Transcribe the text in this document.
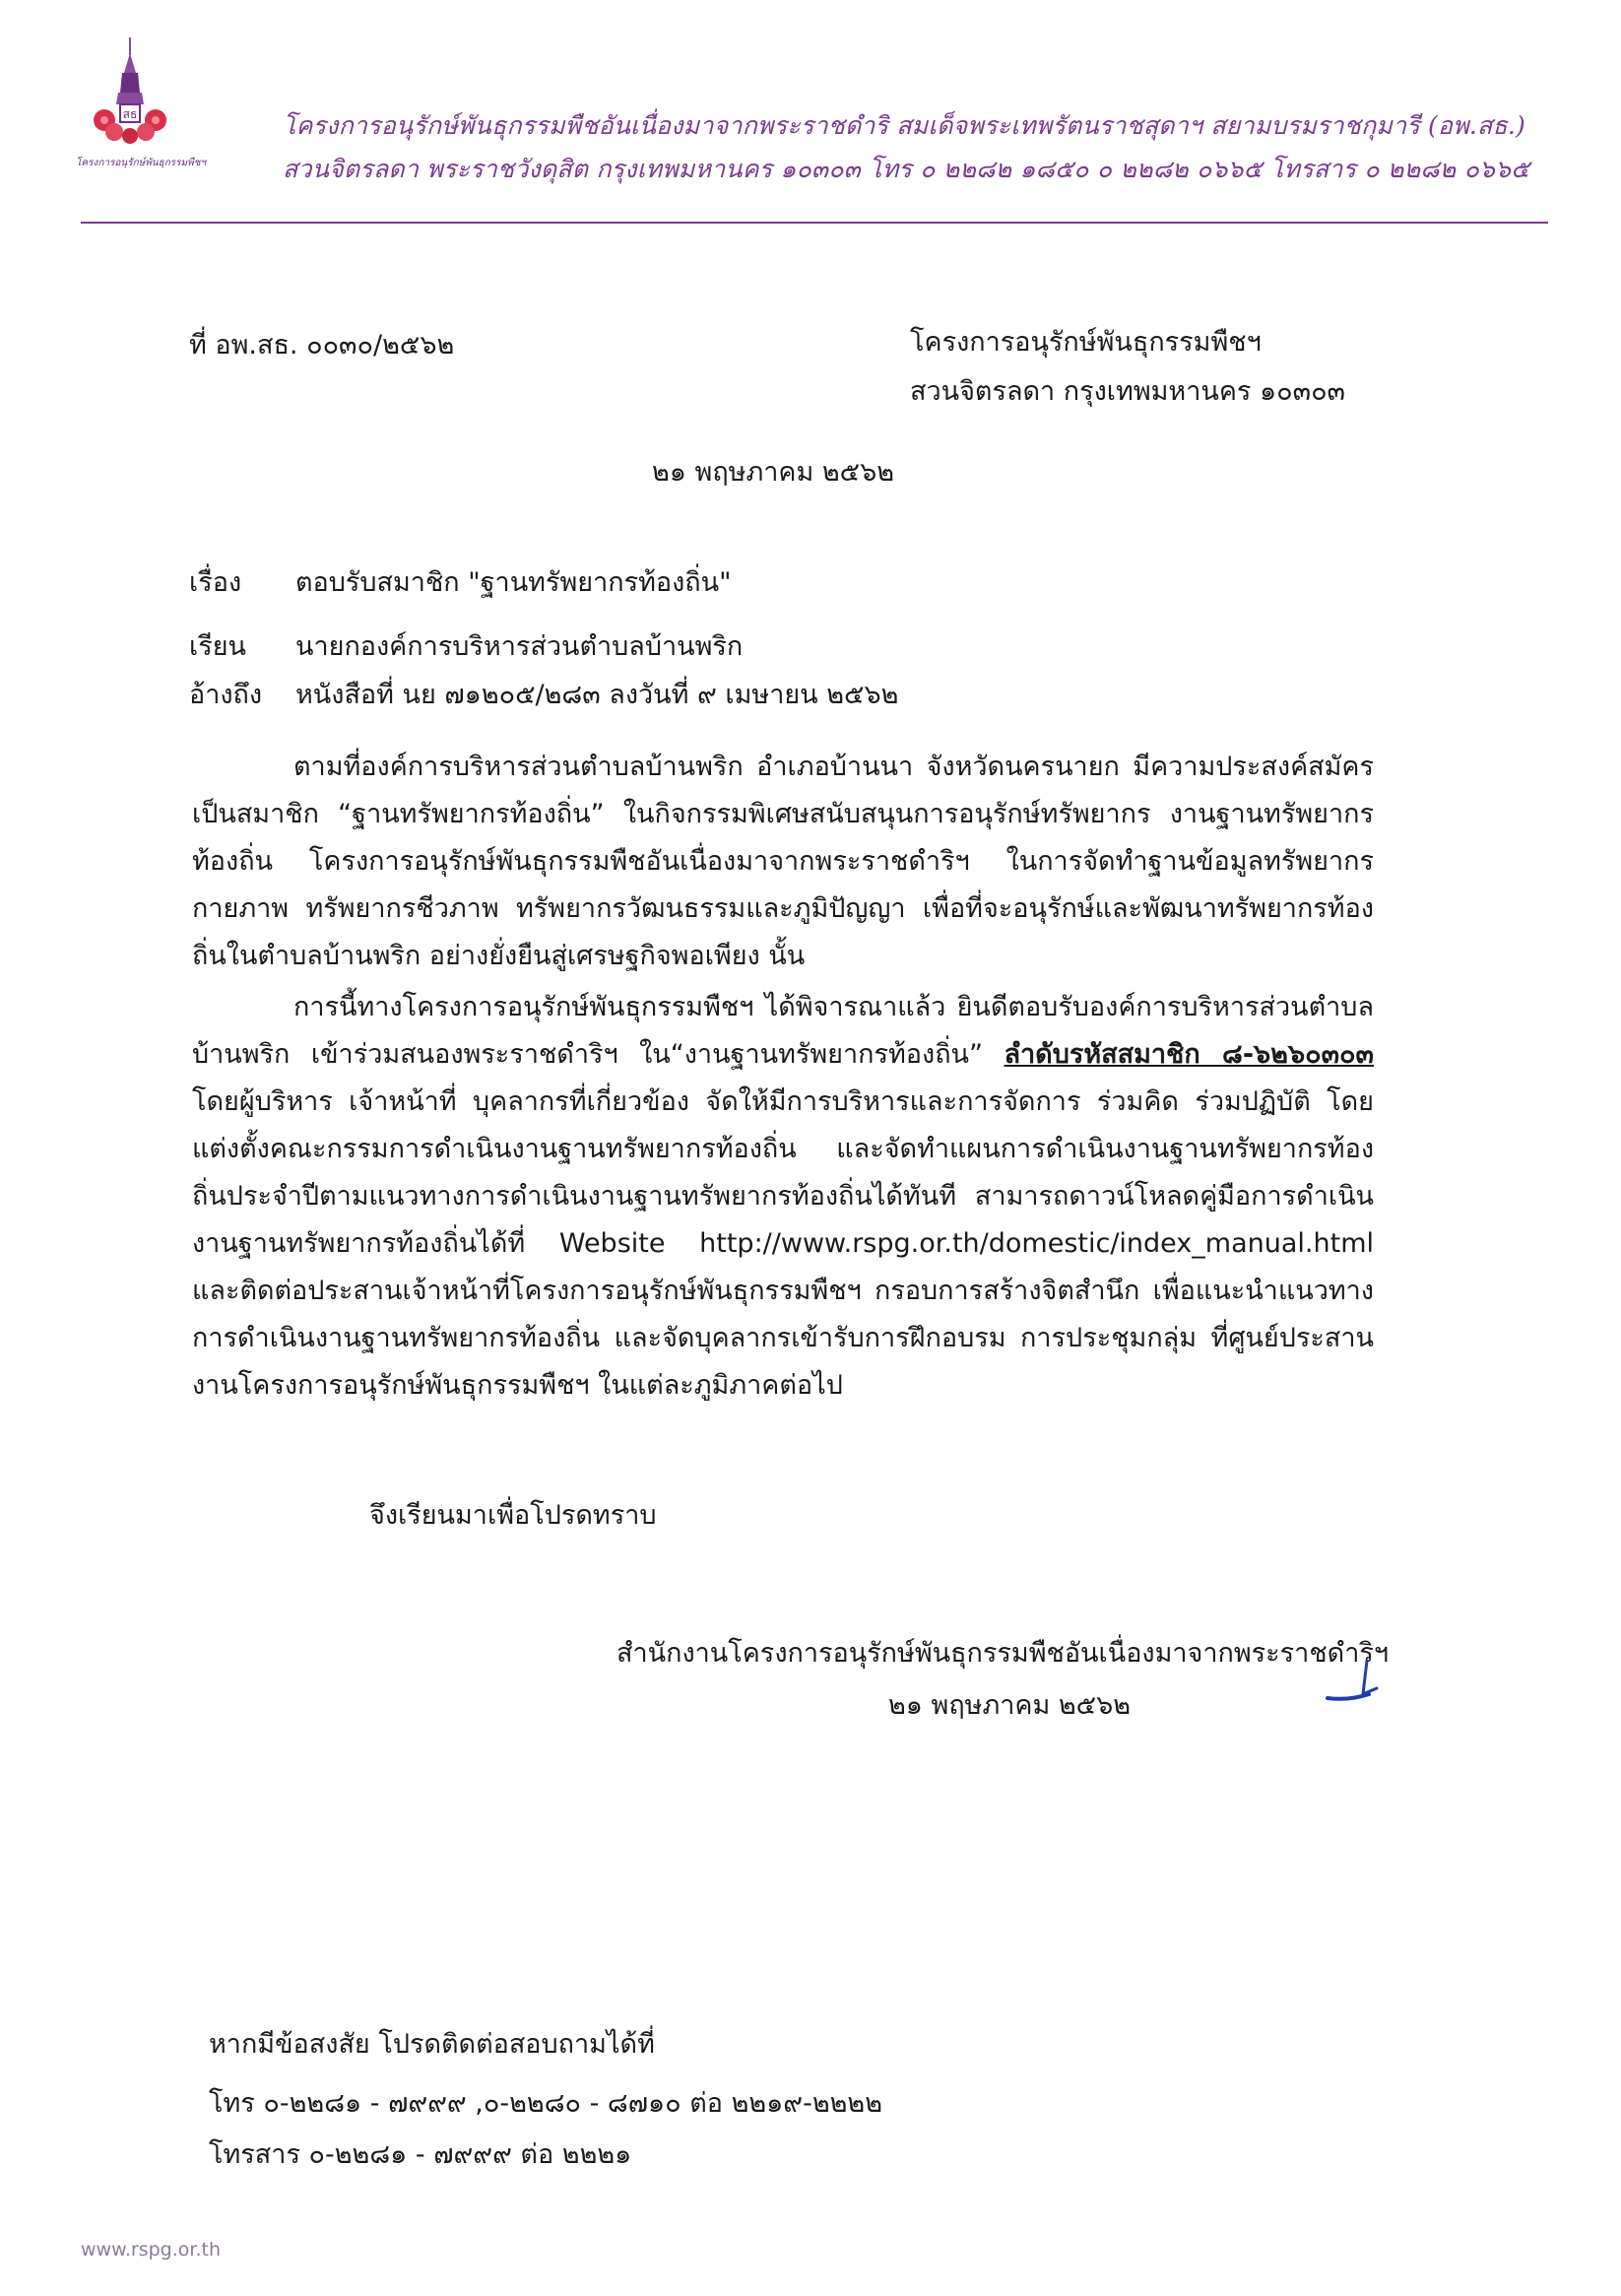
สธ
โครงการอนุรักษ์พันธุกรรมพืชฯ
โครงการอนุรักษ์พันธุกรรมพืชอันเนื่องมาจากพระราชดำริ สมเด็จพระเทพรัตนราชสุดาฯ สยามบรมราชกุมารี (อพ.สธ.)
สวนจิตรลดา พระราชวังดุสิต กรุงเทพมหานคร ๑๐๓๐๓ โทร ๐ ๒๒๘๒ ๑๘๕๐ ๐ ๒๒๘๒ ๐๖๖๕ โทรสาร ๐ ๒๒๘๒ ๐๖๖๕
ที่ อพ.สธ. ๐๐๓๐/๒๕๖๒	โครงการอนุรักษ์พันธุกรรมพืชฯ
สวนจิตรลดา กรุงเทพมหานคร ๑๐๓๐๓
๒๑ พฤษภาคม ๒๕๖๒
เรื่อง ตอบรับสมาชิก "ฐานทรัพยากรท้องถิ่น"
เรียน นายกองค์การบริหารส่วนตำบลบ้านพริก
อ้างถึง หนังสือที่ นย ๗๑๒๐๕/๒๘๓ ลงวันที่ ๙ เมษายน ๒๕๖๒

ตามที่องค์การบริหารส่วนตำบลบ้านพริก อำเภอบ้านนา จังหวัดนครนายก มีความประสงค์สมัครเป็นสมาชิก “ฐานทรัพยากรท้องถิ่น” ในกิจกรรมพิเศษสนับสนุนการอนุรักษ์ทรัพยากร งานฐานทรัพยากรท้องถิ่น โครงการอนุรักษ์พันธุกรรมพืชอันเนื่องมาจากพระราชดำริฯ ในการจัดทำฐานข้อมูลทรัพยากรกายภาพ ทรัพยากรชีวภาพ ทรัพยากรวัฒนธรรมและภูมิปัญญา เพื่อที่จะอนุรักษ์และพัฒนาทรัพยากรท้องถิ่นในตำบลบ้านพริก อย่างยั่งยืนสู่เศรษฐกิจพอเพียง นั้น

การนี้ทางโครงการอนุรักษ์พันธุกรรมพืชฯ ได้พิจารณาแล้ว ยินดีตอบรับองค์การบริหารส่วนตำบลบ้านพริก เข้าร่วมสนองพระราชดำริฯ ใน“งานฐานทรัพยากรท้องถิ่น” ลำดับรหัสสมาชิก ๘-๖๒๖๐๓๐๓ โดยผู้บริหาร เจ้าหน้าที่ บุคลากรที่เกี่ยวข้อง จัดให้มีการบริหารและการจัดการ ร่วมคิด ร่วมปฏิบัติ โดยแต่งตั้งคณะกรรมการดำเนินงานฐานทรัพยากรท้องถิ่น และจัดทำแผนการดำเนินงานฐานทรัพยากรท้องถิ่นประจำปีตามแนวทางการดำเนินงานฐานทรัพยากรท้องถิ่นได้ทันที สามารถดาวน์โหลดคู่มือการดำเนินงานฐานทรัพยากรท้องถิ่นได้ที่ Website http://www.rspg.or.th/domestic/index_manual.html และติดต่อประสานเจ้าหน้าที่โครงการอนุรักษ์พันธุกรรมพืชฯ กรอบการสร้างจิตสำนึก เพื่อแนะนำแนวทางการดำเนินงานฐานทรัพยากรท้องถิ่น และจัดบุคลากรเข้ารับการฝึกอบรม การประชุมกลุ่ม ที่ศูนย์ประสานงานโครงการอนุรักษ์พันธุกรรมพืชฯ ในแต่ละภูมิภาคต่อไป

จึงเรียนมาเพื่อโปรดทราบ
สำนักงานโครงการอนุรักษ์พันธุกรรมพืชอันเนื่องมาจากพระราชดำริฯ
๒๑ พฤษภาคม ๒๕๖๒
หากมีข้อสงสัย โปรดติดต่อสอบถามได้ที่
โทร ๐-๒๒๘๑ - ๗๙๙๙ ,๐-๒๒๘๐ - ๘๗๑๐ ต่อ ๒๒๑๙-๒๒๒๒
โทรสาร ๐-๒๒๘๑ - ๗๙๙๙ ต่อ ๒๒๒๑
www.rspg.or.th
